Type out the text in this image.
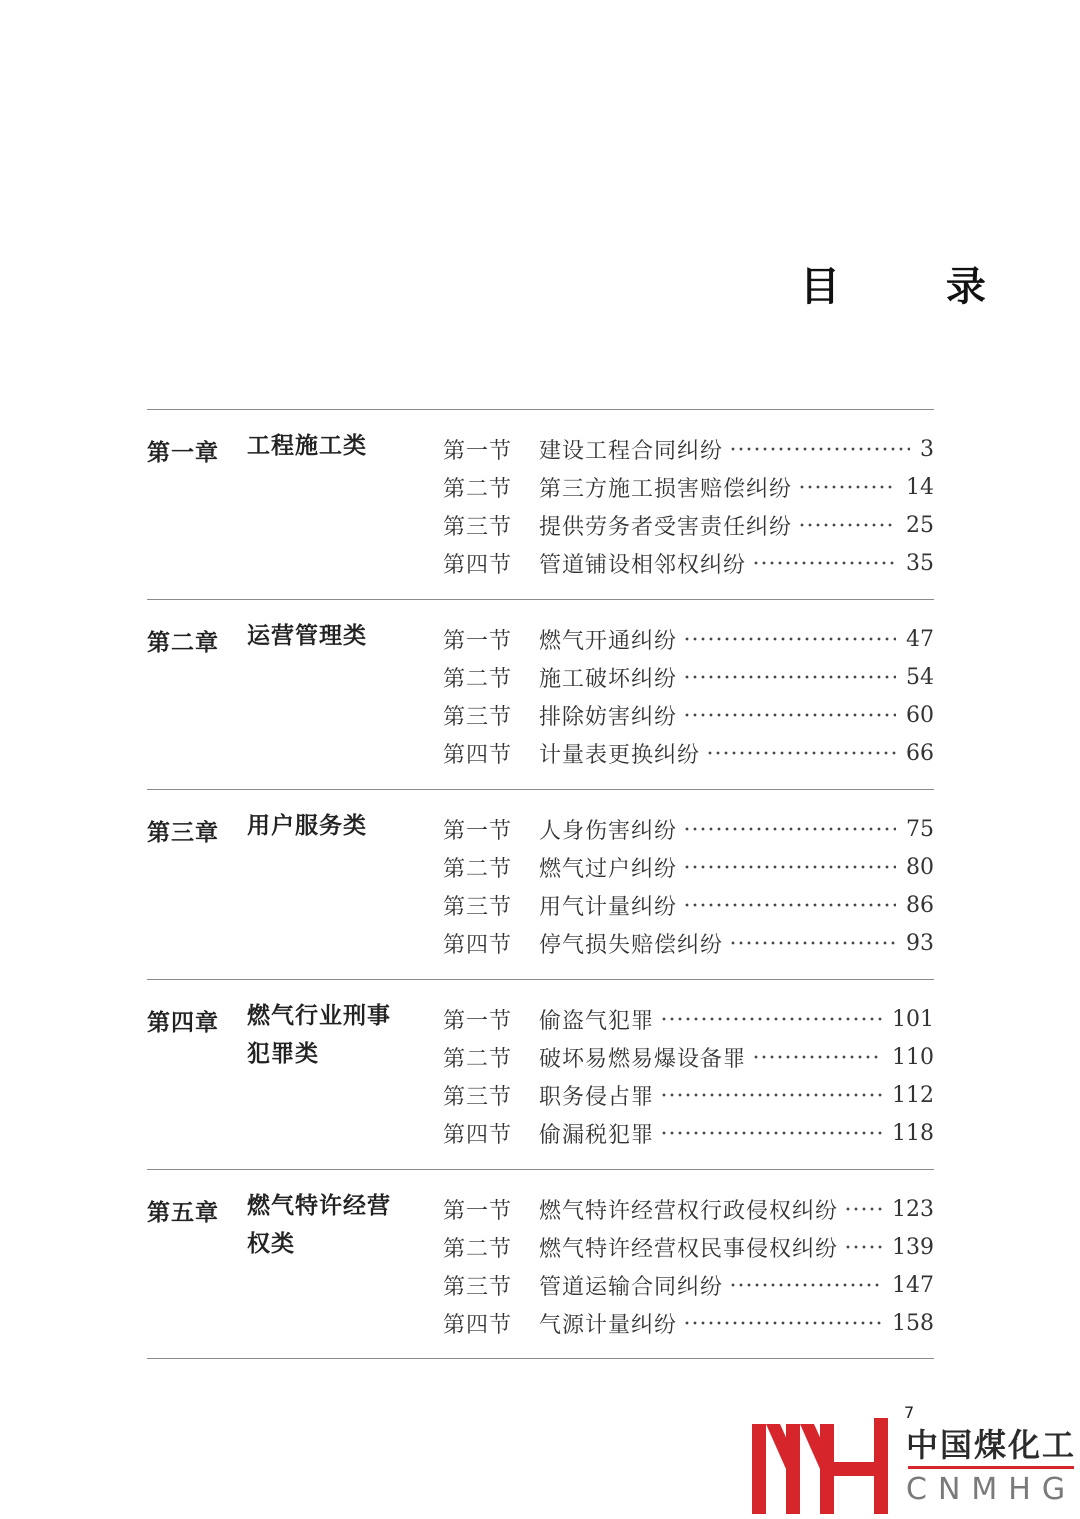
目 录
第一章 工程施工类	第一节	建设工程合同纠纷	3
第二节	第三方施工损害赔偿纠纷	14
第三节	提供劳务者受害责任纠纷	25
第四节	管道铺设相邻权纠纷	35
第二章 运营管理类	第一节	燃气开通纠纷	47
第二节	施工破坏纠纷	54
第三节	排除妨害纠纷	60
第四节	计量表更换纠纷	66
第三章 用户服务类	第一节	人身伤害纠纷	75
第二节	燃气过户纠纷	80
第三节	用气计量纠纷	86
第四节	停气损失赔偿纠纷	93
第四章 燃气行业刑事犯罪类
第一节	偷盗气犯罪	101
第二节	破坏易燃易爆设备罪	110
第三节	职务侵占罪	112
第四节	偷漏税犯罪	118
第五章 燃气特许经营权类
第一节	燃气特许经营权行政侵权纠纷 123
第二节	燃气特许经营权民事侵权纠纷 139
第三节	管道运输合同纠纷	147
第四节	气源计量纠纷	158
7
中国煤化工
CNMHG
